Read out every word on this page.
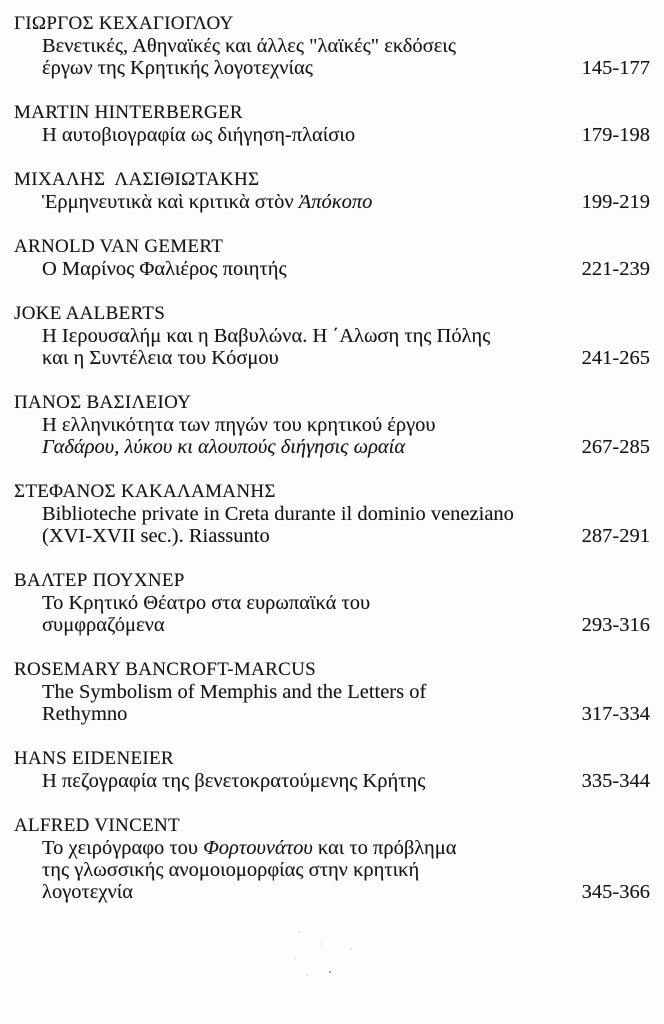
ΓΙΩΡΓΟΣ ΚΕΧΑΓΙΟΓΛΟΥ
Βενετικές, Αθηναϊκές και άλλες "λαϊκές" εκδόσεις
έργων της Κρητικής λογοτεχνίας	145-177
MARTIN HINTERBERGER
Η αυτοβιογραφία ως διήγηση-πλαίσιο	179-198
ΜΙΧΑΛΗΣ  ΛΑΣΙΘΙΩΤΑΚΗΣ
Ἑρμηνευτικὰ καὶ κριτικὰ στὸν Ἀπόκοπο	199-219
ARNOLD VAN GEMERT
Ο Μαρίνος Φαλιέρος ποιητής	221-239
JOKE AALBERTS
Η Ιερουσαλήμ και η Βαβυλώνα. Η ΄Αλωση της Πόλης
και η Συντέλεια του Κόσμου	241-265
ΠΑΝΟΣ ΒΑΣΙΛΕΙΟΥ
Η ελληνικότητα των πηγών του κρητικού έργου
Γαδάρου, λύκου κι αλουπούς διήγησις ωραία	267-285
ΣΤΕΦΑΝΟΣ ΚΑΚΑΛΑΜΑΝΗΣ
Biblioteche private in Creta durante il dominio veneziano
(XVI-XVII sec.). Riassunto	287-291
ΒΑΛΤΕΡ ΠΟΥΧΝΕΡ
Το Κρητικό Θέατρο στα ευρωπαϊκά του
συμφραζόμενα	293-316
ROSEMARY BANCROFT-MARCUS
The Symbolism of Memphis and the Letters of
Rethymno	317-334
HANS EIDENEIER
Η πεζογραφία της βενετοκρατούμενης Κρήτης	335-344
ALFRED VINCENT
Το χειρόγραφο του Φορτουνάτου και το πρόβλημα
της γλωσσικής ανομοιομορφίας στην κρητική
λογοτεχνία	345-366
